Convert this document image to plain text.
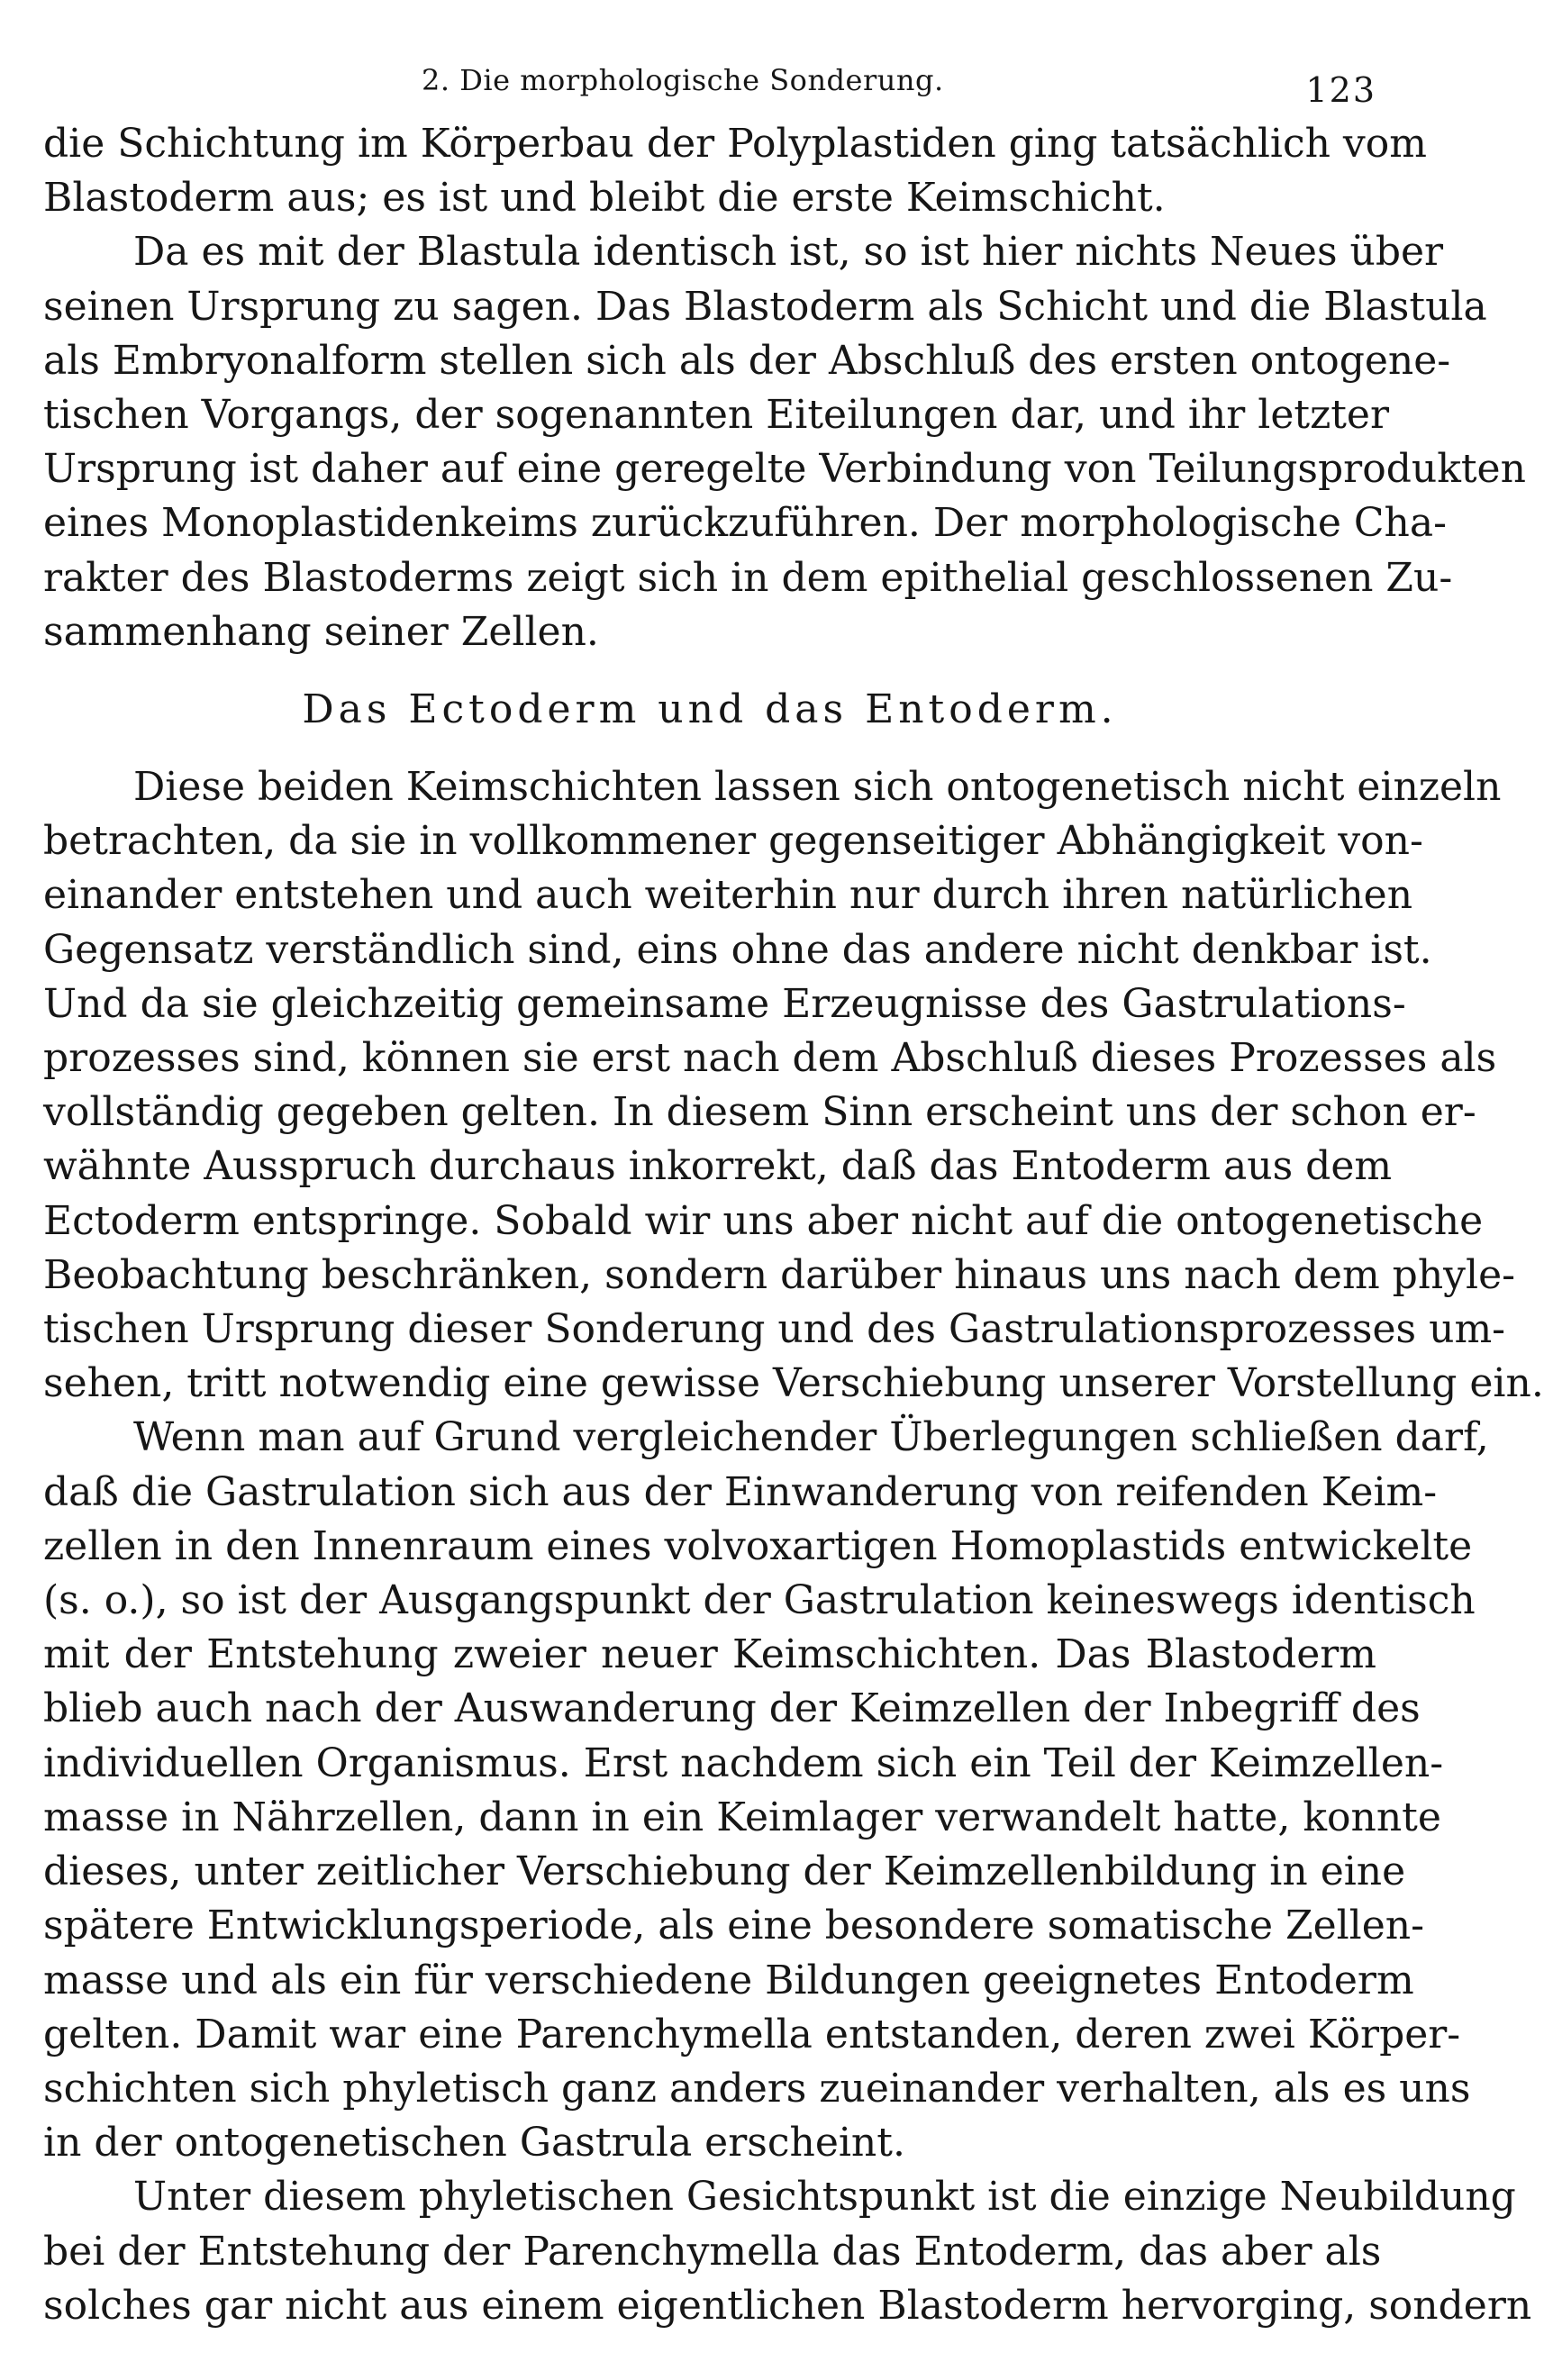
2. Die morphologische Sonderung.	123

die Schichtung im Körperbau der Polyplastiden ging tatsächlich vom
Blastoderm aus; es ist und bleibt die erste Keimschicht.

Da es mit der Blastula identisch ist, so ist hier nichts Neues über
seinen Ursprung zu sagen. Das Blastoderm als Schicht und die Blastula
als Embryonalform stellen sich als der Abschluß des ersten ontogene-
tischen Vorgangs, der sogenannten Eiteilungen dar, und ihr letzter
Ursprung ist daher auf eine geregelte Verbindung von Teilungsprodukten
eines Monoplastidenkeims zurückzuführen. Der morphologische Cha-
rakter des Blastoderms zeigt sich in dem epithelial geschlossenen Zu-
sammenhang seiner Zellen.

Das Ectoderm und das Entoderm.

Diese beiden Keimschichten lassen sich ontogenetisch nicht einzeln
betrachten, da sie in vollkommener gegenseitiger Abhängigkeit von-
einander entstehen und auch weiterhin nur durch ihren natürlichen
Gegensatz verständlich sind, eins ohne das andere nicht denkbar ist.
Und da sie gleichzeitig gemeinsame Erzeugnisse des Gastrulations-
prozesses sind, können sie erst nach dem Abschluß dieses Prozesses als
vollständig gegeben gelten. In diesem Sinn erscheint uns der schon er-
wähnte Ausspruch durchaus inkorrekt, daß das Entoderm aus dem
Ectoderm entspringe. Sobald wir uns aber nicht auf die ontogenetische
Beobachtung beschränken, sondern darüber hinaus uns nach dem phyle-
tischen Ursprung dieser Sonderung und des Gastrulationsprozesses um-
sehen, tritt notwendig eine gewisse Verschiebung unserer Vorstellung ein.

Wenn man auf Grund vergleichender Überlegungen schließen darf,
daß die Gastrulation sich aus der Einwanderung von reifenden Keim-
zellen in den Innenraum eines volvoxartigen Homoplastids entwickelte
(s. o.), so ist der Ausgangspunkt der Gastrulation keineswegs identisch
mit der Entstehung zweier neuer Keimschichten. Das Blastoderm
blieb auch nach der Auswanderung der Keimzellen der Inbegriff des
individuellen Organismus. Erst nachdem sich ein Teil der Keimzellen-
masse in Nährzellen, dann in ein Keimlager verwandelt hatte, konnte
dieses, unter zeitlicher Verschiebung der Keimzellenbildung in eine
spätere Entwicklungsperiode, als eine besondere somatische Zellen-
masse und als ein für verschiedene Bildungen geeignetes Entoderm
gelten. Damit war eine Parenchymella entstanden, deren zwei Körper-
schichten sich phyletisch ganz anders zueinander verhalten, als es uns
in der ontogenetischen Gastrula erscheint.

Unter diesem phyletischen Gesichtspunkt ist die einzige Neubildung
bei der Entstehung der Parenchymella das Entoderm, das aber als
solches gar nicht aus einem eigentlichen Blastoderm hervorging, sondern
